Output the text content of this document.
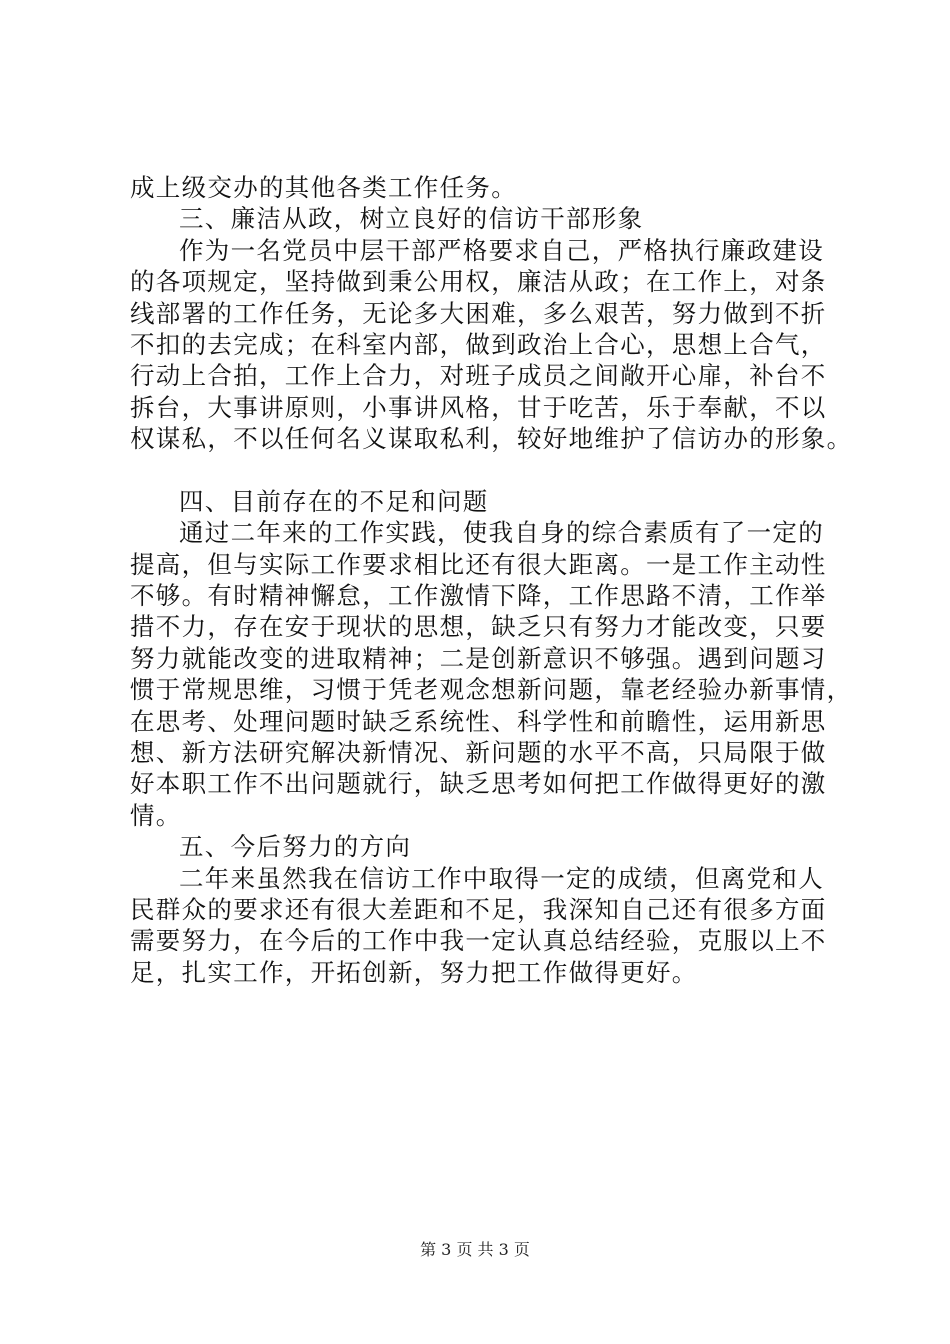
成上级交办的其他各类工作任务。
三、廉洁从政，树立良好的信访干部形象
作为一名党员中层干部严格要求自己，严格执行廉政建设
的各项规定，坚持做到秉公用权，廉洁从政；在工作上，对条
线部署的工作任务，无论多大困难，多么艰苦，努力做到不折
不扣的去完成；在科室内部，做到政治上合心，思想上合气，
行动上合拍，工作上合力，对班子成员之间敞开心扉，补台不
拆台，大事讲原则，小事讲风格，甘于吃苦，乐于奉献，不以
权谋私，不以任何名义谋取私利，较好地维护了信访办的形象。
四、目前存在的不足和问题
通过二年来的工作实践，使我自身的综合素质有了一定的
提高，但与实际工作要求相比还有很大距离。一是工作主动性
不够。有时精神懈怠，工作激情下降，工作思路不清，工作举
措不力，存在安于现状的思想，缺乏只有努力才能改变，只要
努力就能改变的进取精神；二是创新意识不够强。遇到问题习
惯于常规思维，习惯于凭老观念想新问题，靠老经验办新事情，
在思考、处理问题时缺乏系统性、科学性和前瞻性，运用新思
想、新方法研究解决新情况、新问题的水平不高，只局限于做
好本职工作不出问题就行，缺乏思考如何把工作做得更好的激
情。
五、今后努力的方向
二年来虽然我在信访工作中取得一定的成绩，但离党和人
民群众的要求还有很大差距和不足，我深知自己还有很多方面
需要努力，在今后的工作中我一定认真总结经验，克服以上不
足，扎实工作，开拓创新，努力把工作做得更好。
第 3 页 共 3 页
